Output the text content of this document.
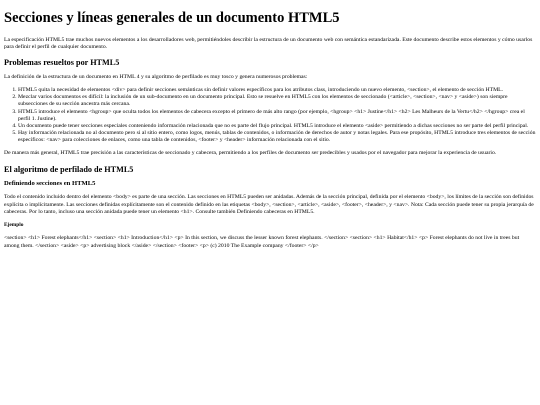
Secciones y líneas generales de un documento HTML5

La especificación HTML5 trae muchos nuevos elementos a los desarrolladores web, permitiéndoles describir la estructura de un documento web con semántica estandarizada. Este documento describe estos elementos y cómo usarlos para definir el perfil de cualquier documento.

Problemas resueltos por HTML5

La definición de la estructura de un documento en HTML 4 y su algoritmo de perfilado es muy tosco y genera numerosos problemas:

1. HTML5 quita la necesidad de elementos <div> para definir secciones semánticas sin definir valores específicos para los atributos class, introduciendo un nuevo elemento, <section>, el elemento de sección HTML.
2. Mezclar varios documentos es difícil: la inclusión de un sub-documento en un documento principal. Esto se resuelve en HTML5 con los elementos de seccionado (<article>, <section>, <nav> y <aside>) son siempre subsecciones de su sección ancestra más cercana.
3. HTML5 introduce el elemento <hgroup> que oculta todos los elementos de cabecera excepto el primero de más alto rango (por ejemplo, <hgroup> <h1> Justine</h1> <h2> Les Malheurs de la Vertu</h2> </hgroup> crea el perfil 1. Justine).
4. Un documento puede tener secciones especiales conteniendo información relacionada que no es parte del flujo principal. HTML5 introduce el elemento <aside> permitiendo a dichas secciones no ser parte del perfil principal.
5. Hay información relacionada no al documento pero si al sitio entero, como logos, menús, tablas de contenidos, o información de derechos de autor y notas legales. Para ese propósito, HTML5 introduce tres elementos de sección específicos: <nav> para colecciones de enlaces, como una tabla de contenidos, <footer> y <header> información relacionada con el sitio.

De manera más general, HTML5 trae precisión a las características de seccionado y cabecera, permitiendo a los perfiles de documento ser predecibles y usados por el navegador para mejorar la experiencia de usuario.

El algoritmo de perfilado de HTML5
Definiendo secciones en HTML5

Todo el contenido incluido dentro del elemento <body> es parte de una sección. Las secciones en HTML5 pueden ser anidadas. Además de la sección principal, definida por el elemento <body>, los límites de la sección son definidos explícita o implícitamente. Las secciones definidas explícitamente son el contenido definido en las etiquetas <body>, <section>, <article>, <aside>, <footer>, <header>, y <nav>. Nota: Cada sección puede tener su propia jerarquía de cabeceras. Por lo tanto, incluso una sección anidada puede tener un elemento <h1>. Consulte también Definiendo cabeceras en HTML5.

Ejemplo

<section> <h1> Forest elephants</h1> <section> <h1> Introduction</h1> <p> In this section, we discuss the lesser known forest elephants. </section> <section> <h1> Habitat</h1> <p> Forest elephants do not live in trees but among them. </section> <aside> <p> advertising block </aside> </section> <footer> <p> (c) 2010 The Example company </footer> </p>
